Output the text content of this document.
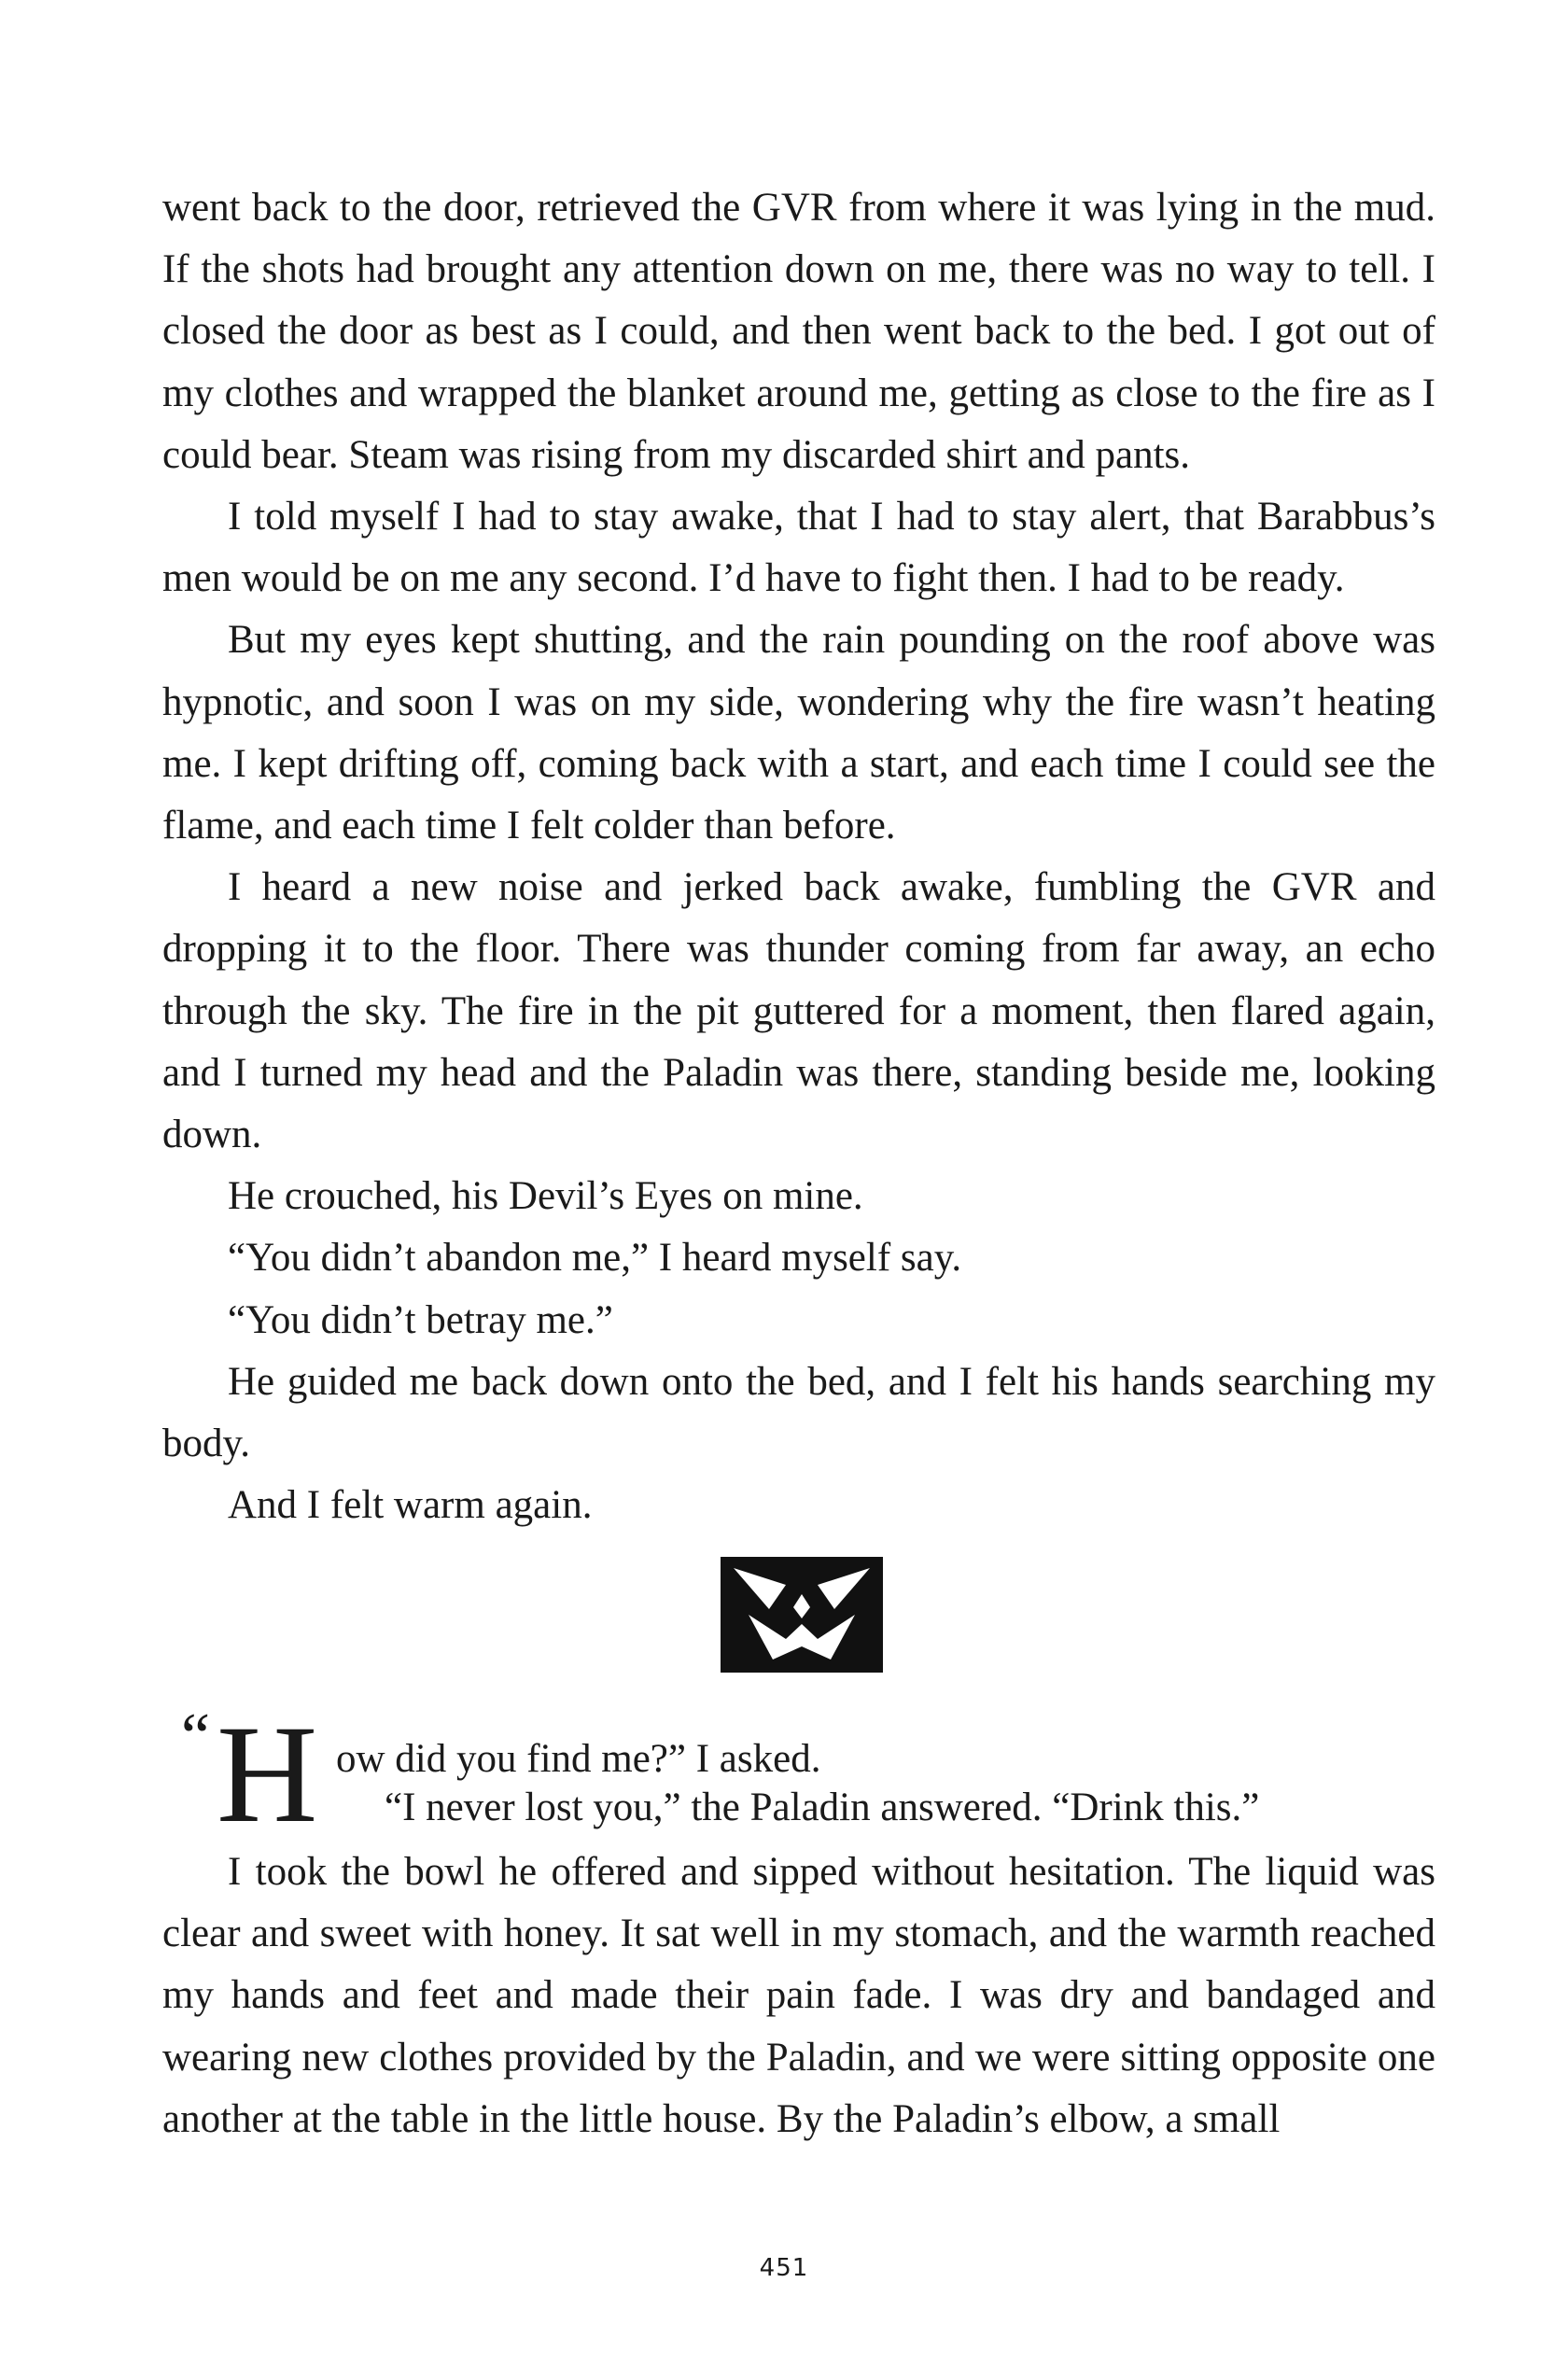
went back to the door, retrieved the GVR from where it was lying in the mud. If the shots had brought any attention down on me, there was no way to tell. I closed the door as best as I could, and then went back to the bed. I got out of my clothes and wrapped the blanket around me, getting as close to the fire as I could bear. Steam was rising from my discarded shirt and pants.

I told myself I had to stay awake, that I had to stay alert, that Barabbus’s men would be on me any second. I’d have to fight then. I had to be ready.

But my eyes kept shutting, and the rain pounding on the roof above was hypnotic, and soon I was on my side, wondering why the fire wasn’t heating me. I kept drifting off, coming back with a start, and each time I could see the flame, and each time I felt colder than before.

I heard a new noise and jerked back awake, fumbling the GVR and dropping it to the floor. There was thunder coming from far away, an echo through the sky. The fire in the pit guttered for a moment, then flared again, and I turned my head and the Paladin was there, standing beside me, looking down.

He crouched, his Devil’s Eyes on mine.

“You didn’t abandon me,” I heard myself say.

“You didn’t betray me.”

He guided me back down onto the bed, and I felt his hands searching my body.

And I felt warm again.

“ H ow did you find me?” I asked.
“I never lost you,” the Paladin answered. “Drink this.”

I took the bowl he offered and sipped without hesitation. The liquid was clear and sweet with honey. It sat well in my stomach, and the warmth reached my hands and feet and made their pain fade. I was dry and bandaged and wearing new clothes provided by the Paladin, and we were sitting opposite one another at the table in the little house. By the Paladin’s elbow, a small

451
